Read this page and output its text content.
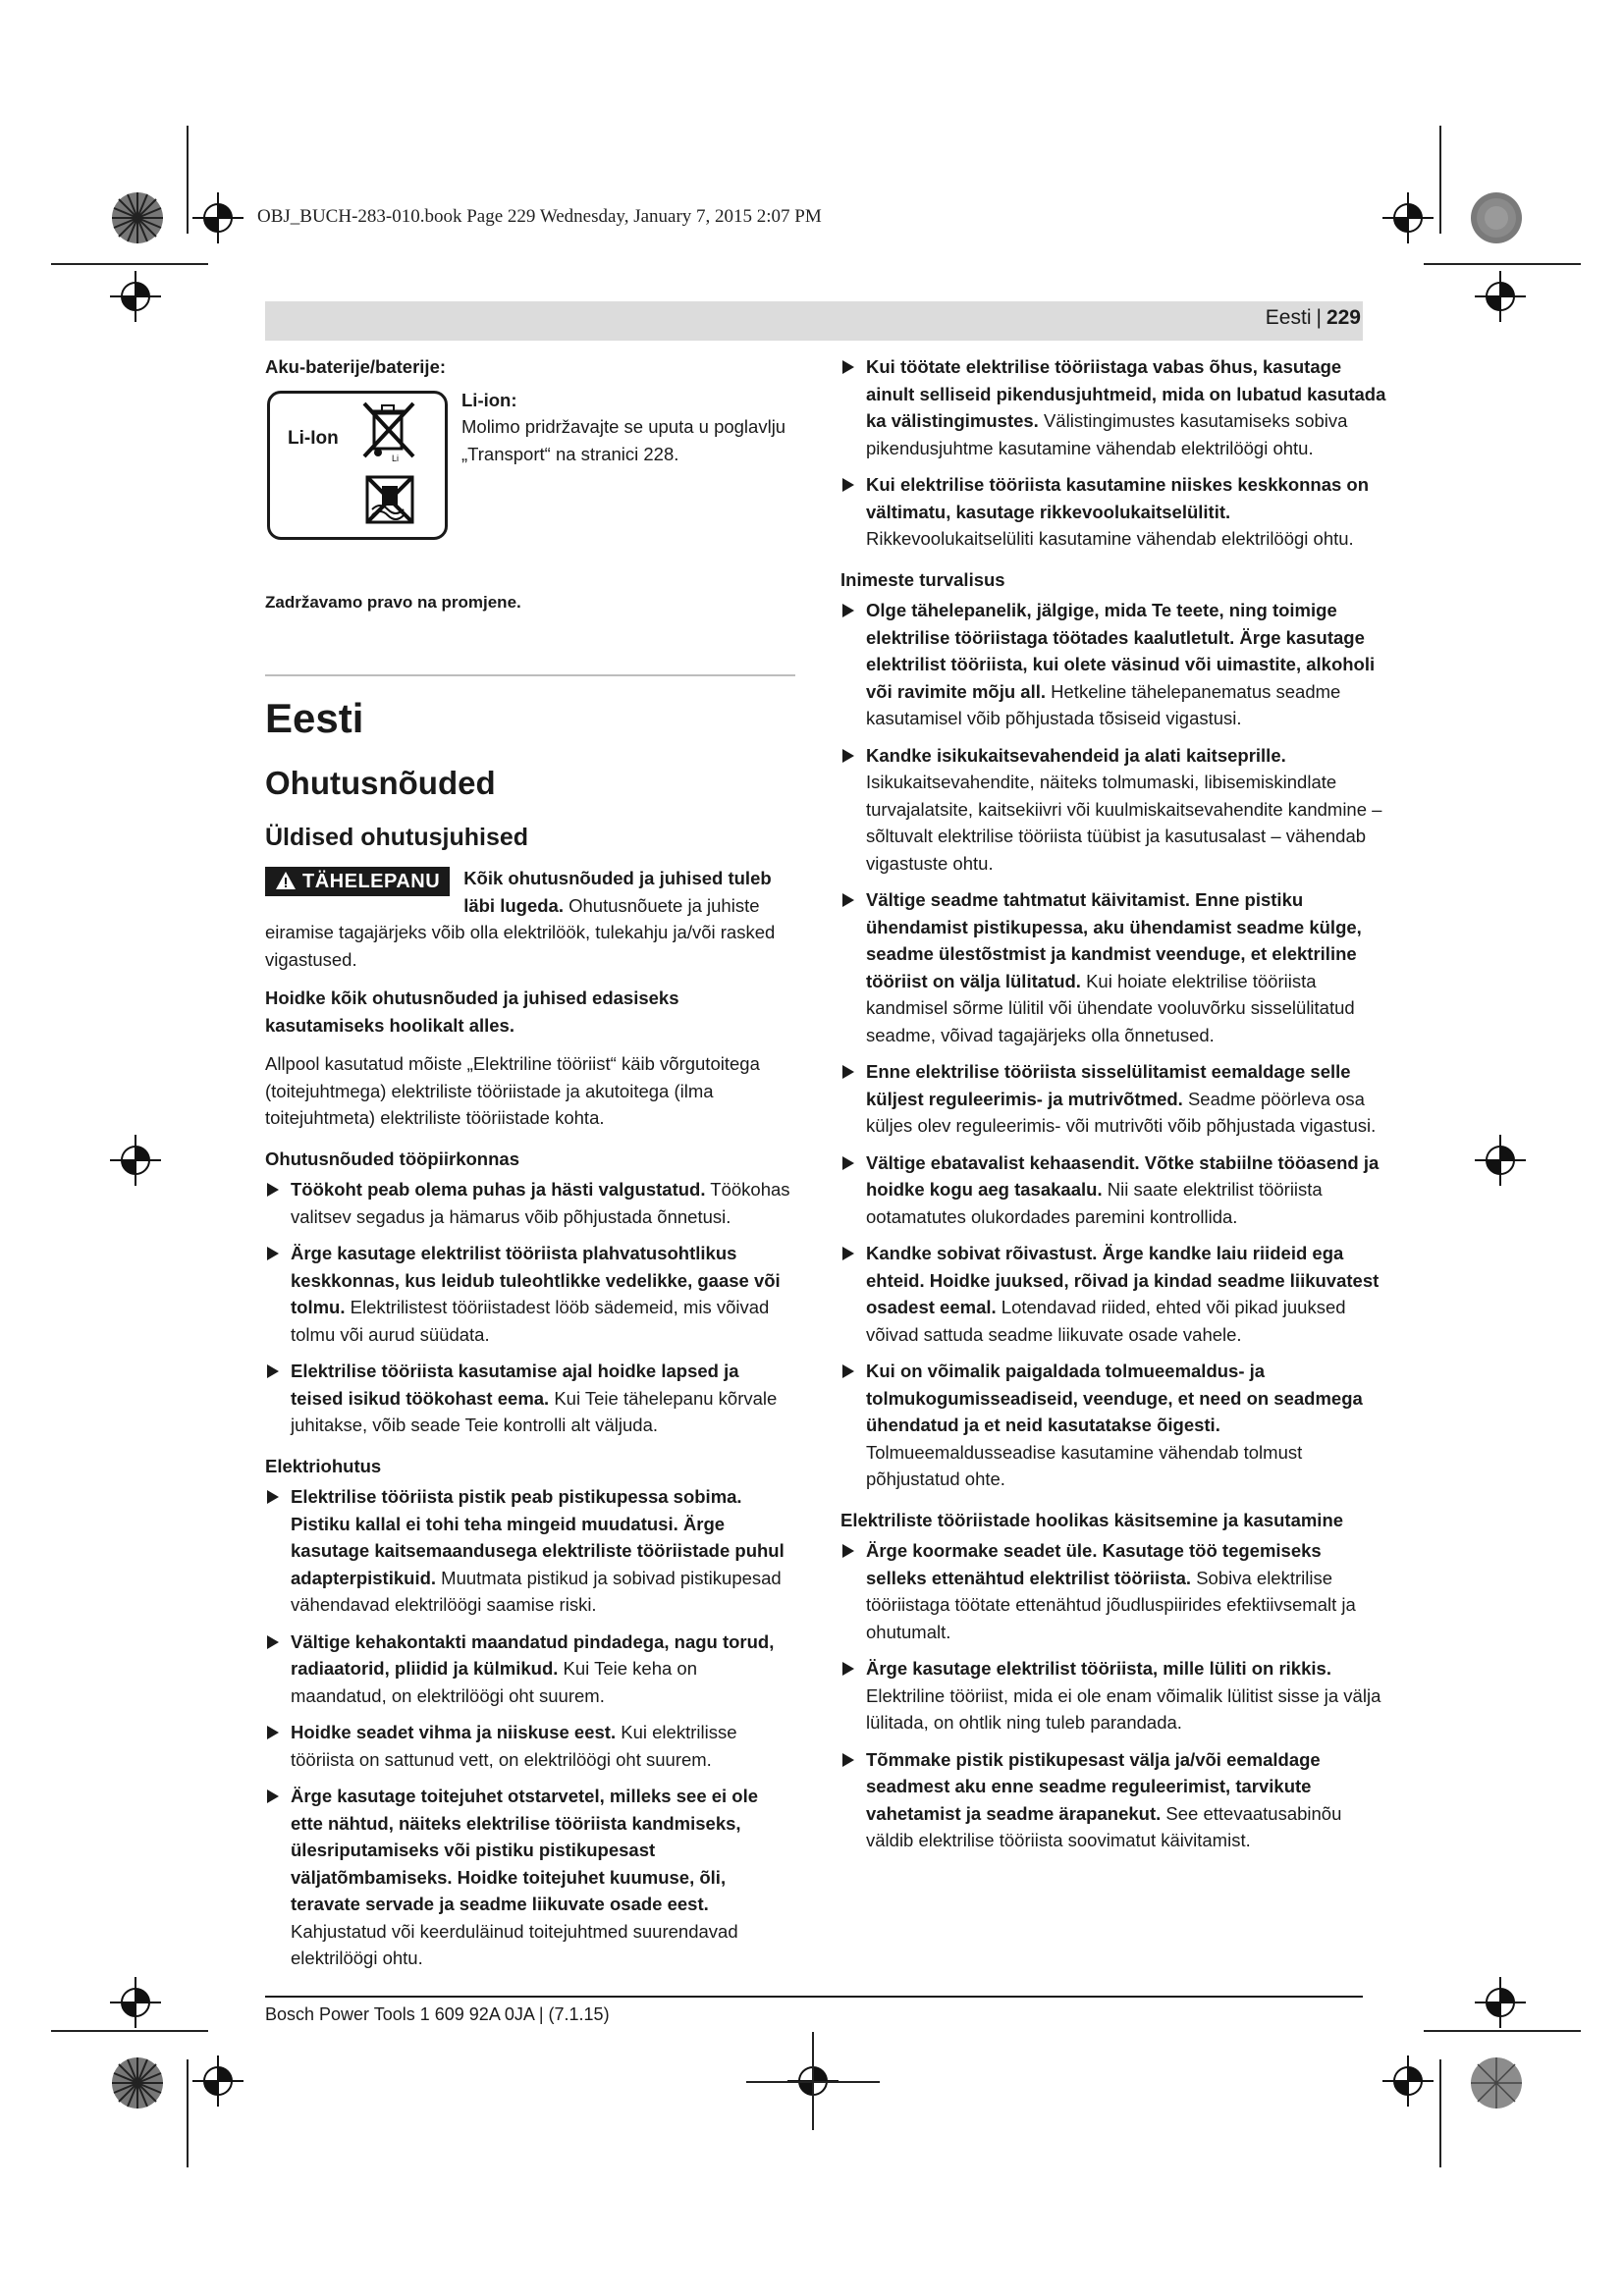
OBJ_BUCH-283-010.book Page 229 Wednesday, January 7, 2015 2:07 PM
Eesti | 229
Aku-baterije/baterije:
Li-Ion
Li
Li-ion:
Molimo pridržavajte se uputa u poglavlju „Transport“ na stranici 228.
Zadržavamo pravo na promjene.
Eesti
Ohutusnõuded
Üldised ohutusjuhised
TÄHELEPANU	Kõik ohutusnõuded ja juhised tuleb läbi lugeda. Ohutusnõuete ja juhiste eiramise tagajärjeks võib olla elektrilöök, tulekahju ja/või rasked vigastused.
Hoidke kõik ohutusnõuded ja juhised edasiseks kasutamiseks hoolikalt alles.
Allpool kasutatud mõiste „Elektriline tööriist“ käib võrgutoitega (toitejuhtmega) elektriliste tööriistade ja akutoitega (ilma toitejuhtmeta) elektriliste tööriistade kohta.
Ohutusnõuded tööpiirkonnas
Töökoht peab olema puhas ja hästi valgustatud. Töökohas valitsev segadus ja hämarus võib põhjustada õnnetusi.
Ärge kasutage elektrilist tööriista plahvatusohtlikus keskkonnas, kus leidub tuleohtlikke vedelikke, gaase või tolmu. Elektrilistest tööriistadest lööb sädemeid, mis võivad tolmu või aurud süüdata.
Elektrilise tööriista kasutamise ajal hoidke lapsed ja teised isikud töökohast eema. Kui Teie tähelepanu kõrvale juhitakse, võib seade Teie kontrolli alt väljuda.
Elektriohutus
Elektrilise tööriista pistik peab pistikupessa sobima. Pistiku kallal ei tohi teha mingeid muudatusi. Ärge kasutage kaitsemaandusega elektriliste tööriistade puhul adapterpistikuid. Muutmata pistikud ja sobivad pistikupesad vähendavad elektrilöögi saamise riski.
Vältige kehakontakti maandatud pindadega, nagu torud, radiaatorid, pliidid ja külmikud. Kui Teie keha on maandatud, on elektrilöögi oht suurem.
Hoidke seadet vihma ja niiskuse eest. Kui elektrilisse tööriista on sattunud vett, on elektrilöögi oht suurem.
Ärge kasutage toitejuhet otstarvetel, milleks see ei ole ette nähtud, näiteks elektrilise tööriista kandmiseks, ülesriputamiseks või pistiku pistikupesast väljatõmbamiseks. Hoidke toitejuhet kuumuse, õli, teravate servade ja seadme liikuvate osade eest. Kahjustatud või keerduläinud toitejuhtmed suurendavad elektrilöögi ohtu.
Kui töötate elektrilise tööriistaga vabas õhus, kasutage ainult selliseid pikendusjuhtmeid, mida on lubatud kasutada ka välistingimustes. Välistingimustes kasutamiseks sobiva pikendusjuhtme kasutamine vähendab elektrilöögi ohtu.
Kui elektrilise tööriista kasutamine niiskes keskkonnas on vältimatu, kasutage rikkevoolukaitselülitit. Rikkevoolukaitselüliti kasutamine vähendab elektrilöögi ohtu.
Inimeste turvalisus
Olge tähelepanelik, jälgige, mida Te teete, ning toimige elektrilise tööriistaga töötades kaalutletult. Ärge kasutage elektrilist tööriista, kui olete väsinud või uimastite, alkoholi või ravimite mõju all. Hetkeline tähelepanematus seadme kasutamisel võib põhjustada tõsiseid vigastusi.
Kandke isikukaitsevahendeid ja alati kaitseprille. Isikukaitsevahendite, näiteks tolmumaski, libisemiskindlate turvajalatsite, kaitsekiivri või kuulmiskaitsevahendite kandmine – sõltuvalt elektrilise tööriista tüübist ja kasutusalast – vähendab vigastuste ohtu.
Vältige seadme tahtmatut käivitamist. Enne pistiku ühendamist pistikupessa, aku ühendamist seadme külge, seadme ülestõstmist ja kandmist veenduge, et elektriline tööriist on välja lülitatud. Kui hoiate elektrilise tööriista kandmisel sõrme lülitil või ühendate vooluvõrku sisselülitatud seadme, võivad tagajärjeks olla õnnetused.
Enne elektrilise tööriista sisselülitamist eemaldage selle küljest reguleerimis- ja mutrivõtmed. Seadme pöörleva osa küljes olev reguleerimis- või mutrivõti võib põhjustada vigastusi.
Vältige ebatavalist kehaasendit. Võtke stabiilne tööasend ja hoidke kogu aeg tasakaalu. Nii saate elektrilist tööriista ootamatutes olukordades paremini kontrollida.
Kandke sobivat rõivastust. Ärge kandke laiu riideid ega ehteid. Hoidke juuksed, rõivad ja kindad seadme liikuvatest osadest eemal. Lotendavad riided, ehted või pikad juuksed võivad sattuda seadme liikuvate osade vahele.
Kui on võimalik paigaldada tolmueemaldus- ja tolmukogumisseadiseid, veenduge, et need on seadmega ühendatud ja et neid kasutatakse õigesti. Tolmueemaldusseadise kasutamine vähendab tolmust põhjustatud ohte.
Elektriliste tööriistade hoolikas käsitsemine ja kasutamine
Ärge koormake seadet üle. Kasutage töö tegemiseks selleks ettenähtud elektrilist tööriista. Sobiva elektrilise tööriistaga töötate ettenähtud jõudluspiirides efektiivsemalt ja ohutumalt.
Ärge kasutage elektrilist tööriista, mille lüliti on rikkis. Elektriline tööriist, mida ei ole enam võimalik lülitist sisse ja välja lülitada, on ohtlik ning tuleb parandada.
Tõmmake pistik pistikupesast välja ja/või eemaldage seadmest aku enne seadme reguleerimist, tarvikute vahetamist ja seadme ärapanekut. See ettevaatusabinõu väldib elektrilise tööriista soovimatut käivitamist.
Bosch Power Tools 1 609 92A 0JA | (7.1.15)
